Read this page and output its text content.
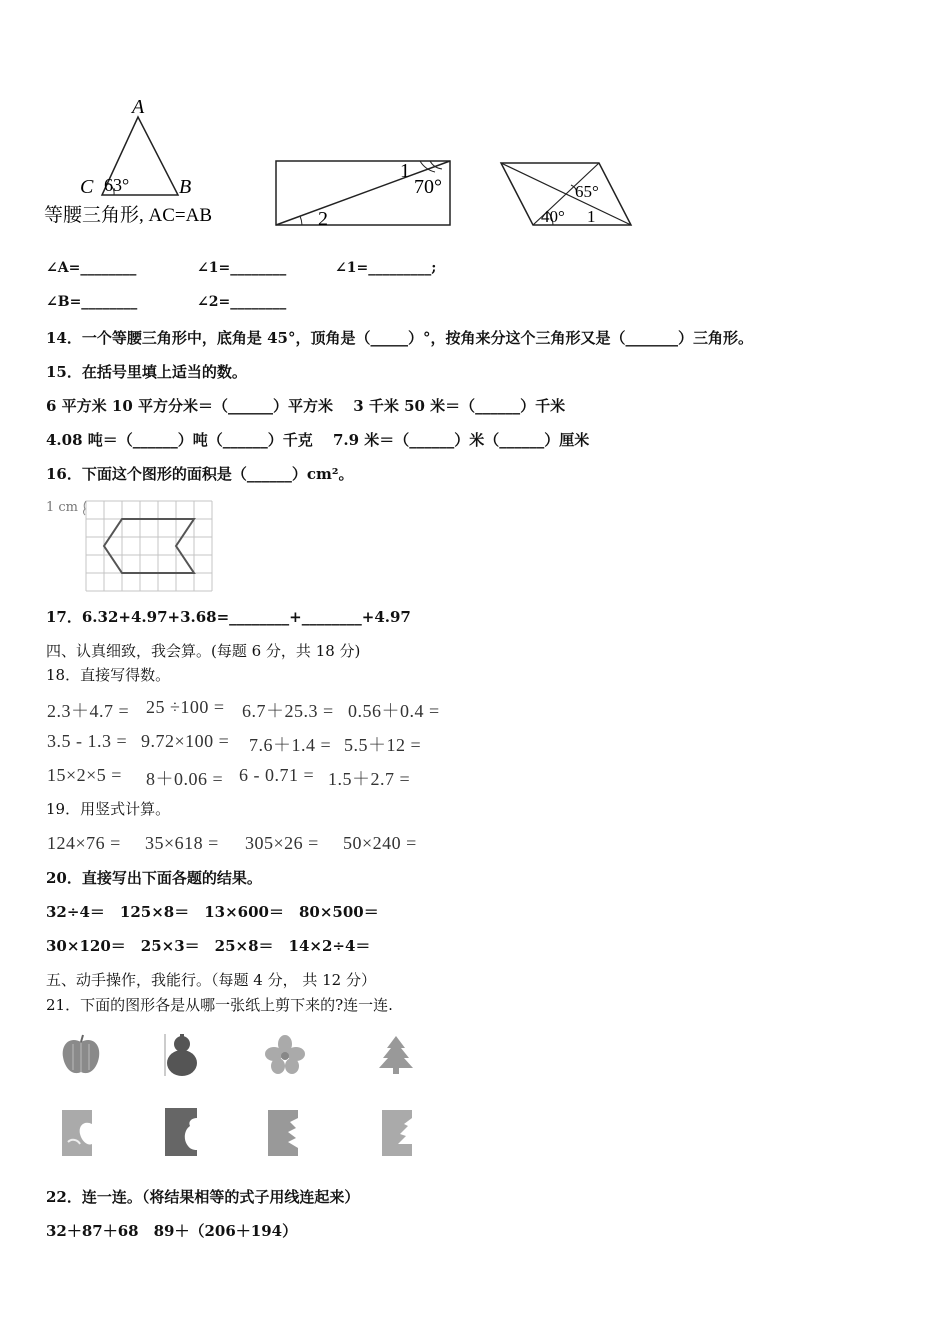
A
C	B
63°
等腰三角形, AC=AB
1
70°
2
65°
40° 1
∠A=________	∠1=________	∠1=_________;
∠B=________	∠2=________
14．一个等腰三角形中，底角是 45°，顶角是（_____）°，按角来分这个三角形又是（_______）三角形。
15．在括号里填上适当的数。
6 平方米 10 平方分米＝（______）平方米　 3 千米 50 米＝（______）千米
4.08 吨＝（______）吨（______）千克　 7.9 米＝（______）米（______）厘米
16．下面这个图形的面积是（______）cm²。
1 cm
17．6.32+4.97+3.68=________+________+4.97
四、认真细致，我会算。(每题 6 分，共 18 分)
18．直接写得数。
2.3＋4.7 = 25 ÷100 = 6.7＋25.3 = 0.56＋0.4 =
3.5 - 1.3 = 9.72×100 = 7.6＋1.4 = 5.5＋12 =
15×2×5 = 8＋0.06 = 6 - 0.71 = 1.5＋2.7 =
19．用竖式计算。
124×76 = 35×618 = 305×26 = 50×240 =
20．直接写出下面各题的结果。
32÷4＝　125×8＝　13×600＝　80×500＝
30×120＝　25×3＝　25×8＝　14×2÷4＝
五、动手操作，我能行。（每题 4 分， 共 12 分）
21．下面的图形各是从哪一张纸上剪下来的?连一连.
22．连一连。（将结果相等的式子用线连起来）
32＋87＋68　89＋（206＋194）
